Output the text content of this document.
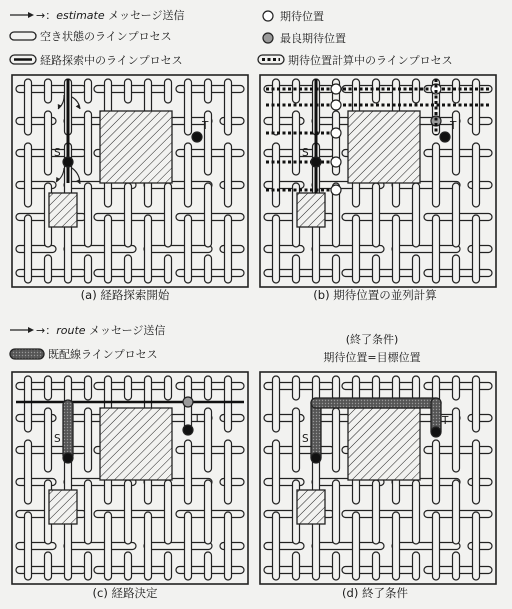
→：estimate メッセージ送信
空き状態のラインプロセス
経路探索中のラインプロセス
期待位置
最良期待位置
期待位置計算中のラインプロセス
S
T
S
T
S
T
S
T
(a) 経路探索開始	(b) 期待位置の並列計算
(c) 経路決定	(d) 終了条件
→：route メッセージ送信
既配線ラインプロセス
(終了条件)
期待位置=目標位置
